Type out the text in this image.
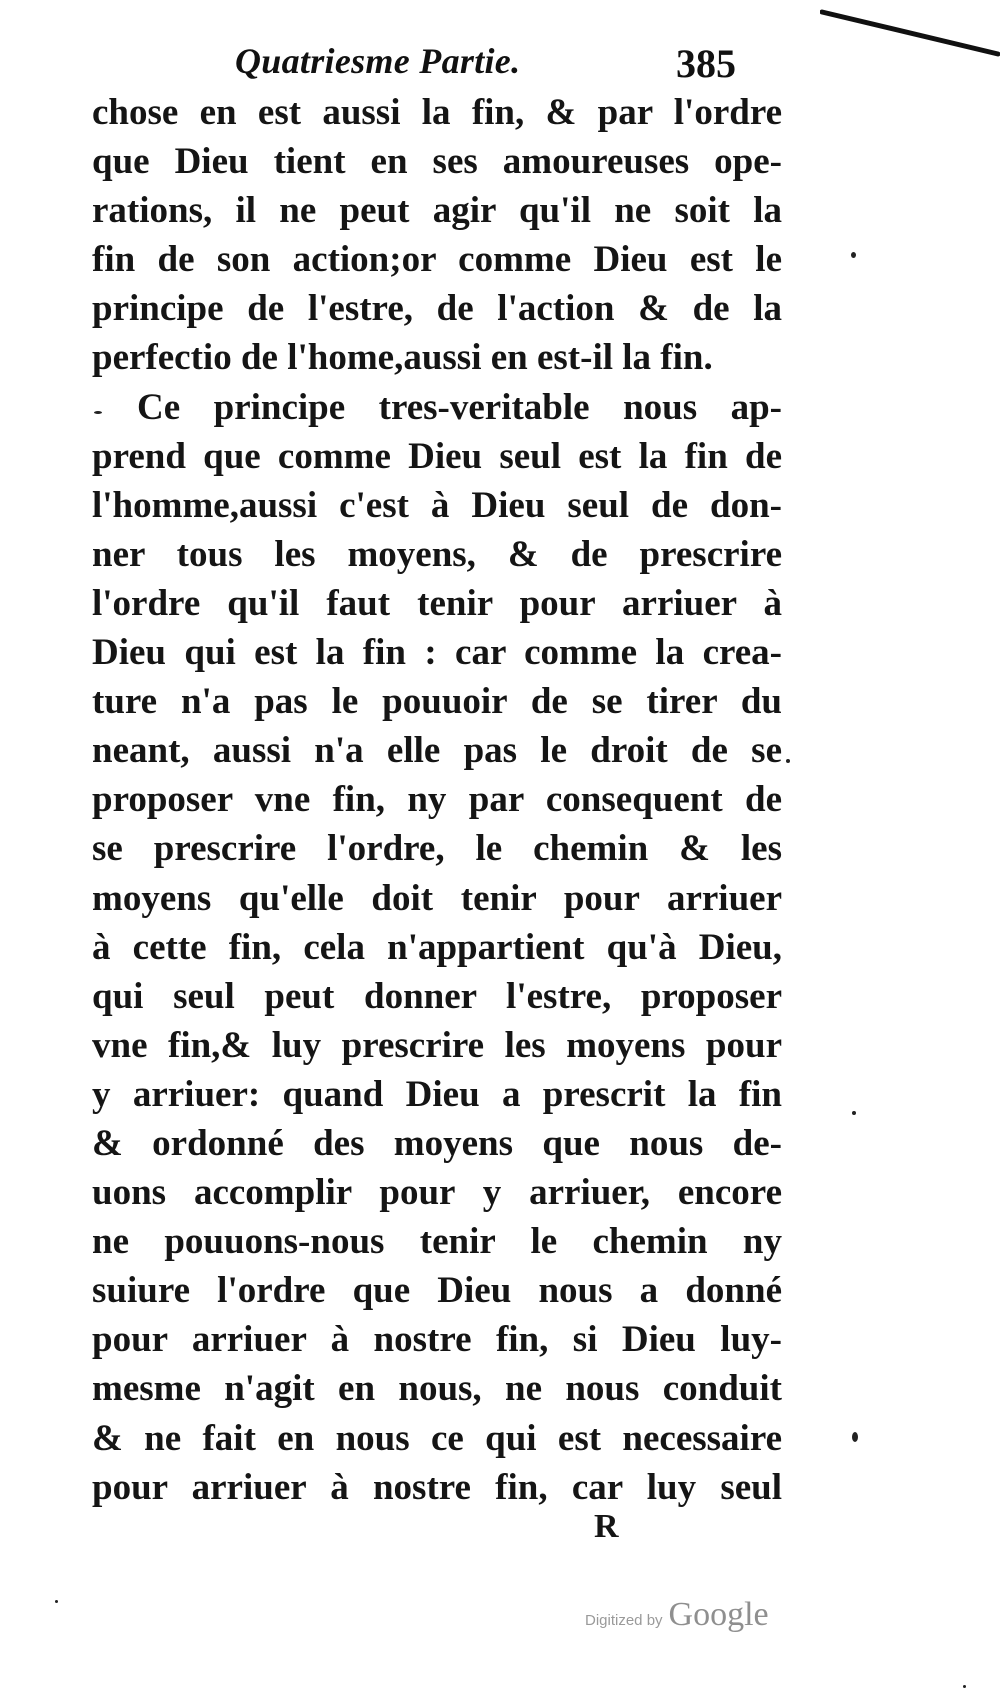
Quatriesme Partie.	385
chose en est aussi la fin, & par l'ordre
que Dieu tient en ses amoureuses ope-
rations, il ne peut agir qu'il ne soit la
fin de son action;or comme Dieu est le
principe de l'estre, de l'action & de la
perfectio de l'home,aussi en est-il la fin.
Ce principe tres-veritable nous ap-
prend que comme Dieu seul est la fin de
l'homme,aussi c'est à Dieu seul de don-
ner tous les moyens, & de prescrire
l'ordre qu'il faut tenir pour arriuer à
Dieu qui est la fin : car comme la crea-
ture n'a pas le pouuoir de se tirer du
neant, aussi n'a elle pas le droit de se
proposer vne fin, ny par consequent de
se prescrire l'ordre, le chemin & les
moyens qu'elle doit tenir pour arriuer
à cette fin, cela n'appartient qu'à Dieu,
qui seul peut donner l'estre, proposer
vne fin,& luy prescrire les moyens pour
y arriuer: quand Dieu a prescrit la fin
& ordonné des moyens que nous de-
uons accomplir pour y arriuer, encore
ne pouuons-nous tenir le chemin ny
suiure l'ordre que Dieu nous a donné
pour arriuer à nostre fin, si Dieu luy-
mesme n'agit en nous, ne nous conduit
& ne fait en nous ce qui est necessaire
pour arriuer à nostre fin, car luy seul
R
Digitized by Google
